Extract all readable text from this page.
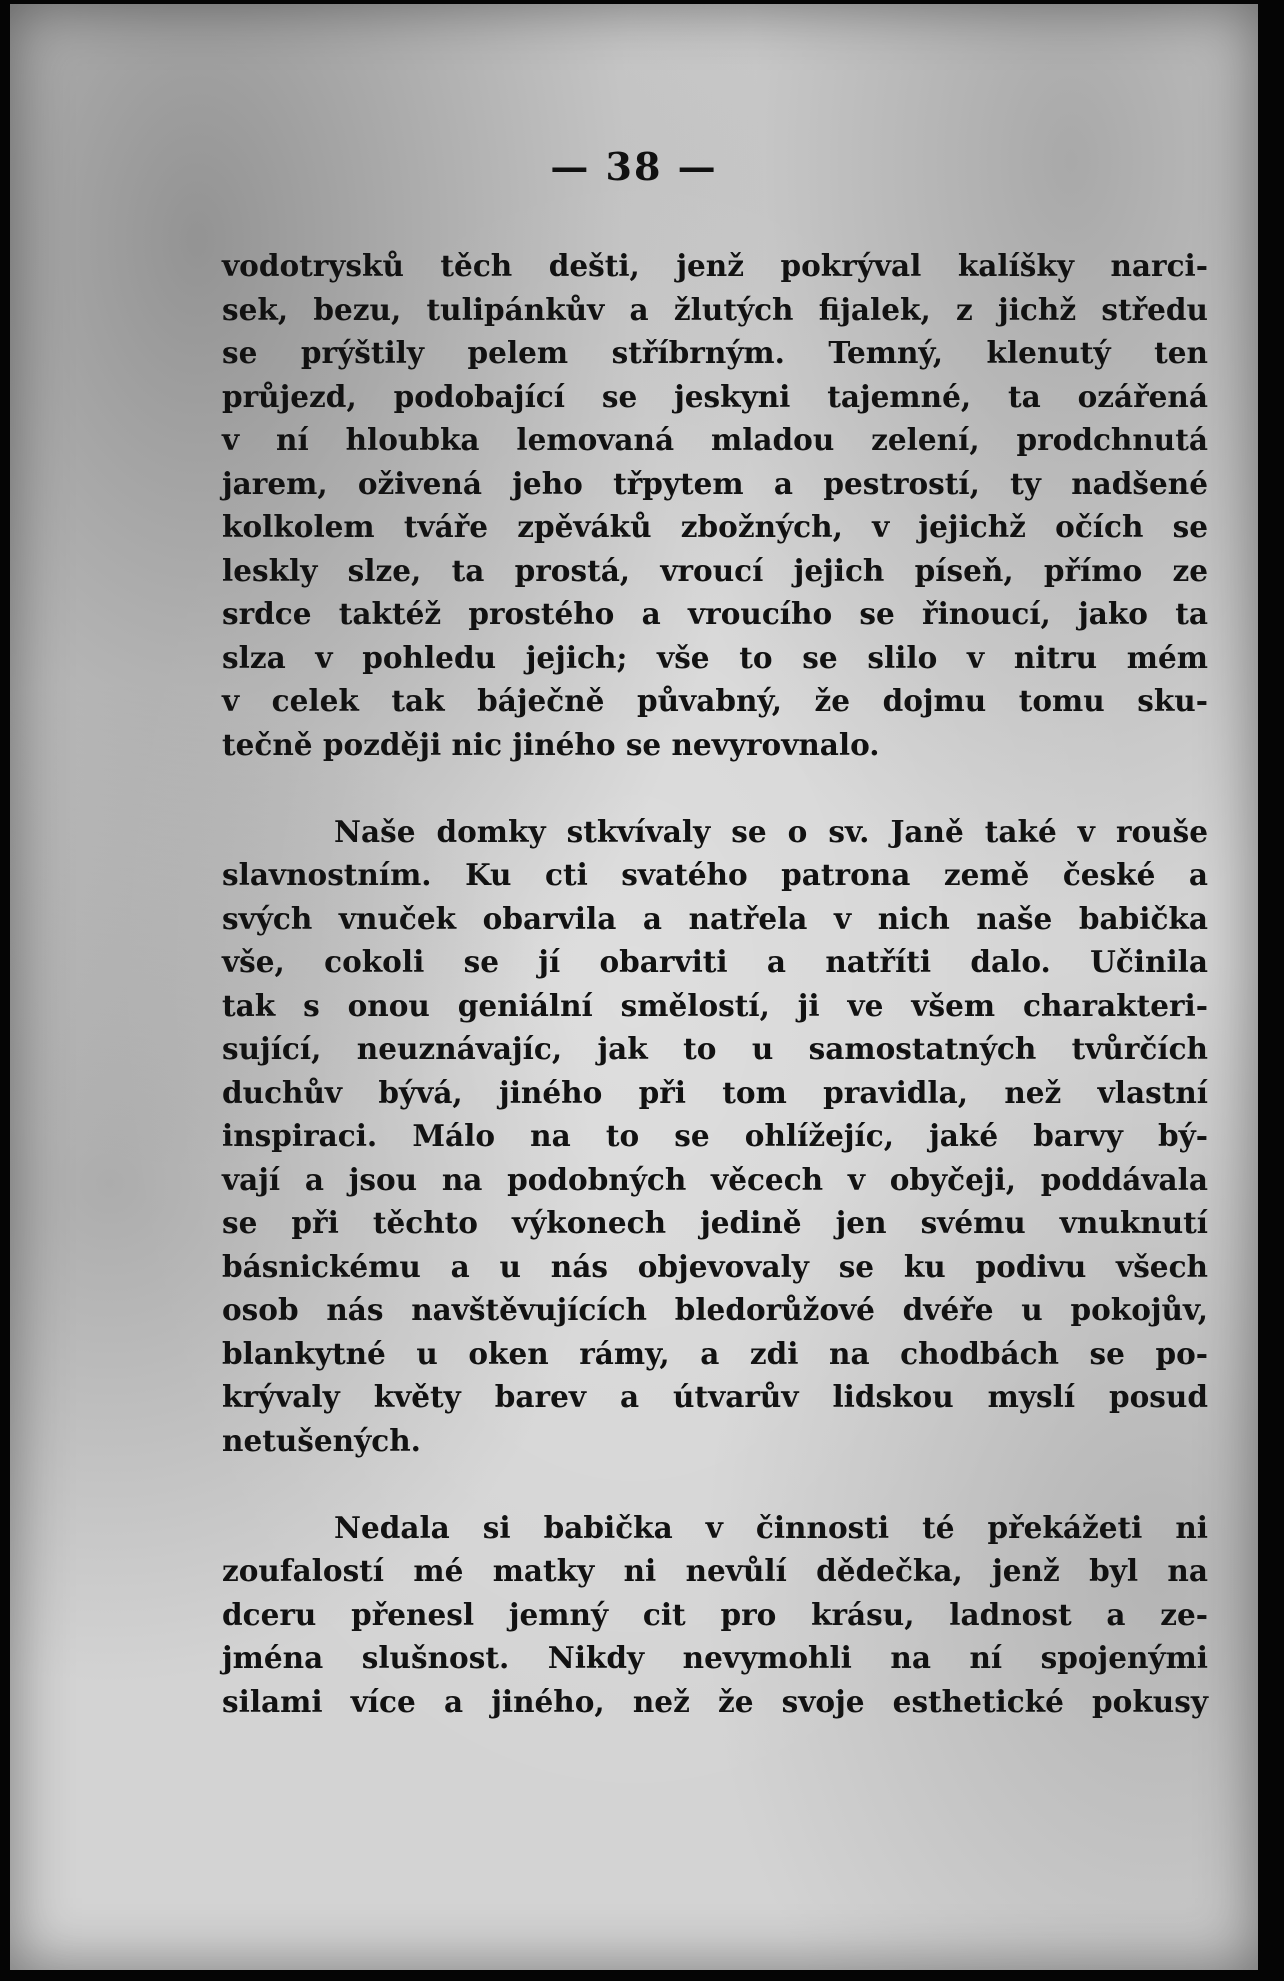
— 38 —
vodotrysků těch dešti, jenž pokrýval kalíšky narci-
sek, bezu, tulipánkův a žlutých fijalek, z jichž středu
se prýštily pelem stříbrným. Temný, klenutý ten
průjezd, podobající se jeskyni tajemné, ta ozářená
v ní hloubka lemovaná mladou zelení, prodchnutá
jarem, oživená jeho třpytem a pestrostí, ty nadšené
kolkolem tváře zpěváků zbožných, v jejichž očích se
leskly slze, ta prostá, vroucí jejich píseň, přímo ze
srdce taktéž prostého a vroucího se řinoucí, jako ta
slza v pohledu jejich; vše to se slilo v nitru mém
v celek tak báječně půvabný, že dojmu tomu sku-
tečně později nic jiného se nevyrovnalo.
Naše domky stkvívaly se o sv. Janě také v rouše
slavnostním. Ku cti svatého patrona země české a
svých vnuček obarvila a natřela v nich naše babička
vše, cokoli se jí obarviti a natříti dalo. Učinila
tak s onou geniální smělostí, ji ve všem charakteri-
sující, neuznávajíc, jak to u samostatných tvůrčích
duchův bývá, jiného při tom pravidla, než vlastní
inspiraci. Málo na to se ohlížejíc, jaké barvy bý-
vají a jsou na podobných věcech v obyčeji, poddávala
se při těchto výkonech jedině jen svému vnuknutí
básnickému a u nás objevovaly se ku podivu všech
osob nás navštěvujících bledorůžové dvéře u pokojův,
blankytné u oken rámy, a zdi na chodbách se po-
krývaly květy barev a útvarův lidskou myslí posud
netušených.
Nedala si babička v činnosti té překážeti ni
zoufalostí mé matky ni nevůlí dědečka, jenž byl na
dceru přenesl jemný cit pro krásu, ladnost a ze-
jména slušnost. Nikdy nevymohli na ní spojenými
silami více a jiného, než že svoje esthetické pokusy
